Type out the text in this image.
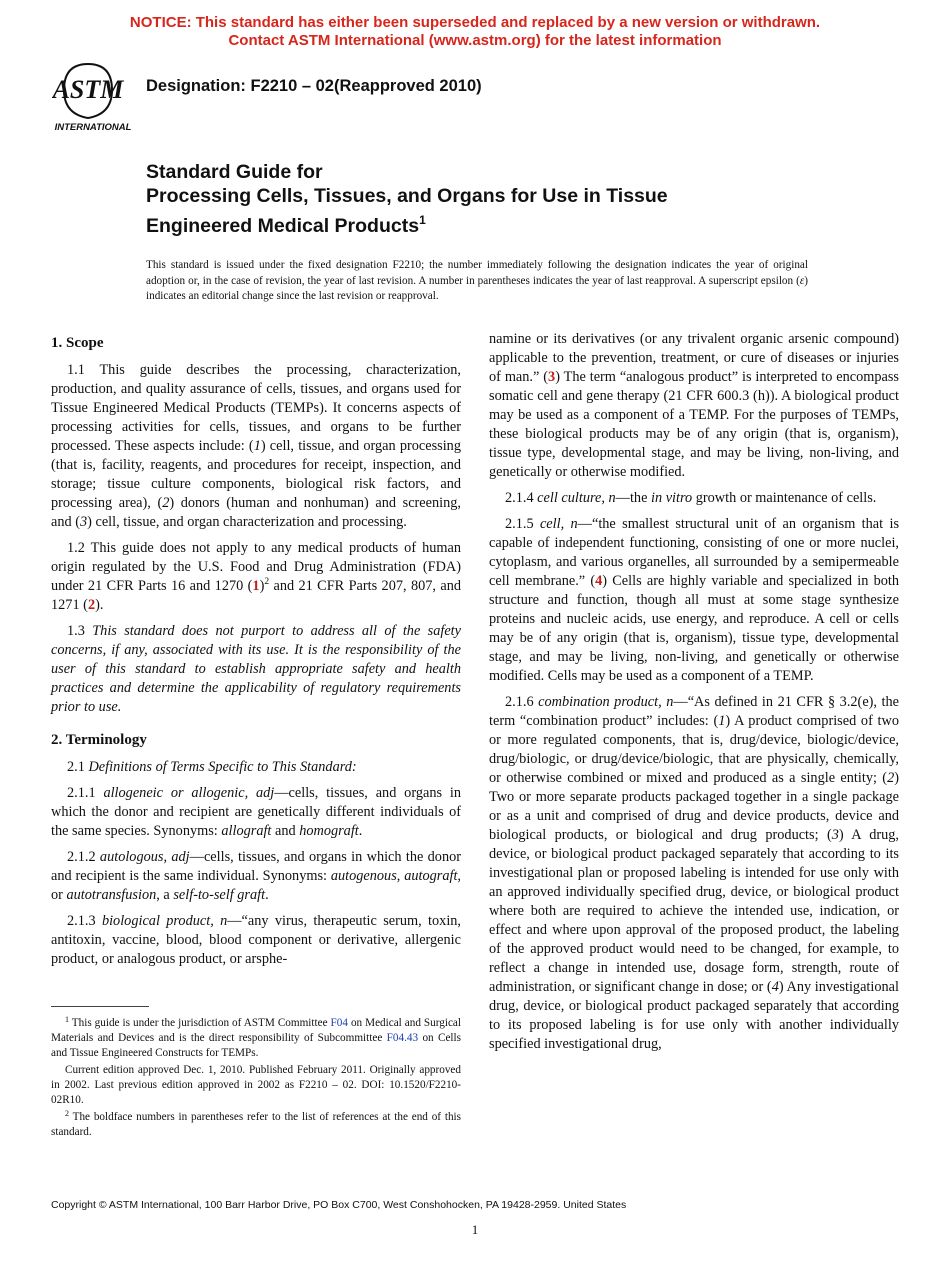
NOTICE: This standard has either been superseded and replaced by a new version or withdrawn.
Contact ASTM International (www.astm.org) for the latest information
ASTM
INTERNATIONAL
Designation: F2210 – 02(Reapproved 2010)
Standard Guide for
Processing Cells, Tissues, and Organs for Use in Tissue
Engineered Medical Products$^1$
This standard is issued under the fixed designation F2210; the number immediately following the designation indicates the year of original adoption or, in the case of revision, the year of last revision. A number in parentheses indicates the year of last reapproval. A superscript epsilon (ε) indicates an editorial change since the last revision or reapproval.
1. Scope

1.1 This guide describes the processing, characterization, production, and quality assurance of cells, tissues, and organs used for Tissue Engineered Medical Products (TEMPs). It concerns aspects of processing activities for cells, tissues, and organs to be further processed. These aspects include: (1) cell, tissue, and organ processing (that is, facility, reagents, and procedures for receipt, inspection, and storage; tissue culture components, biological risk factors, and processing area), (2) donors (human and nonhuman) and screening, and (3) cell, tissue, and organ characterization and processing.

1.2 This guide does not apply to any medical products of human origin regulated by the U.S. Food and Drug Administration (FDA) under 21 CFR Parts 16 and 1270 $(1)^2$ and 21 CFR Parts 207, 807, and 1271 (2).

1.3 This standard does not purport to address all of the safety concerns, if any, associated with its use. It is the responsibility of the user of this standard to establish appropriate safety and health practices and determine the applicability of regulatory requirements prior to use.

2. Terminology

2.1 Definitions of Terms Specific to This Standard:

2.1.1 allogeneic or allogenic, adj—cells, tissues, and organs in which the donor and recipient are genetically different individuals of the same species. Synonyms: allograft and homograft.

2.1.2 autologous, adj—cells, tissues, and organs in which the donor and recipient is the same individual. Synonyms: autogenous, autograft, or autotransfusion, a self-to-self graft.

2.1.3 biological product, n—“any virus, therapeutic serum, toxin, antitoxin, vaccine, blood, blood component or derivative, allergenic product, or analogous product, or arsphe-

$^1$ This guide is under the jurisdiction of ASTM Committee F04 on Medical and Surgical Materials and Devices and is the direct responsibility of Subcommittee F04.43 on Cells and Tissue Engineered Constructs for TEMPs.

Current edition approved Dec. 1, 2010. Published February 2011. Originally approved in 2002. Last previous edition approved in 2002 as F2210 – 02. DOI: 10.1520/F2210-02R10.

$^2$ The boldface numbers in parentheses refer to the list of references at the end of this standard.

namine or its derivatives (or any trivalent organic arsenic compound) applicable to the prevention, treatment, or cure of diseases or injuries of man.” (3) The term “analogous product” is interpreted to encompass somatic cell and gene therapy (21 CFR 600.3 (h)). A biological product may be used as a component of a TEMP. For the purposes of TEMPs, these biological products may be of any origin (that is, organism), tissue type, developmental stage, and may be living, non-living, and genetically or otherwise modified.

2.1.4 cell culture, n—the in vitro growth or maintenance of cells.

2.1.5 cell, n—“the smallest structural unit of an organism that is capable of independent functioning, consisting of one or more nuclei, cytoplasm, and various organelles, all surrounded by a semipermeable cell membrane.” (4) Cells are highly variable and specialized in both structure and function, though all must at some stage synthesize proteins and nucleic acids, use energy, and reproduce. A cell or cells may be of any origin (that is, organism), tissue type, developmental stage, and may be living, non-living, and genetically or otherwise modified. Cells may be used as a component of a TEMP.

2.1.6 combination product, n—“As defined in 21 CFR § 3.2(e), the term “combination product” includes: (1) A product comprised of two or more regulated components, that is, drug/device, biologic/device, drug/biologic, or drug/device/biologic, that are physically, chemically, or otherwise combined or mixed and produced as a single entity; (2) Two or more separate products packaged together in a single package or as a unit and comprised of drug and device products, device and biological products, or biological and drug products; (3) A drug, device, or biological product packaged separately that according to its investigational plan or proposed labeling is intended for use only with an approved individually specified drug, device, or biological product where both are required to achieve the intended use, indication, or effect and where upon approval of the proposed product, the labeling of the approved product would need to be changed, for example, to reflect a change in intended use, dosage form, strength, route of administration, or significant change in dose; or (4) Any investigational drug, device, or biological product packaged separately that according to its proposed labeling is for use only with another individually specified investigational drug,

Copyright © ASTM International, 100 Barr Harbor Drive, PO Box C700, West Conshohocken, PA 19428-2959. United States
1
